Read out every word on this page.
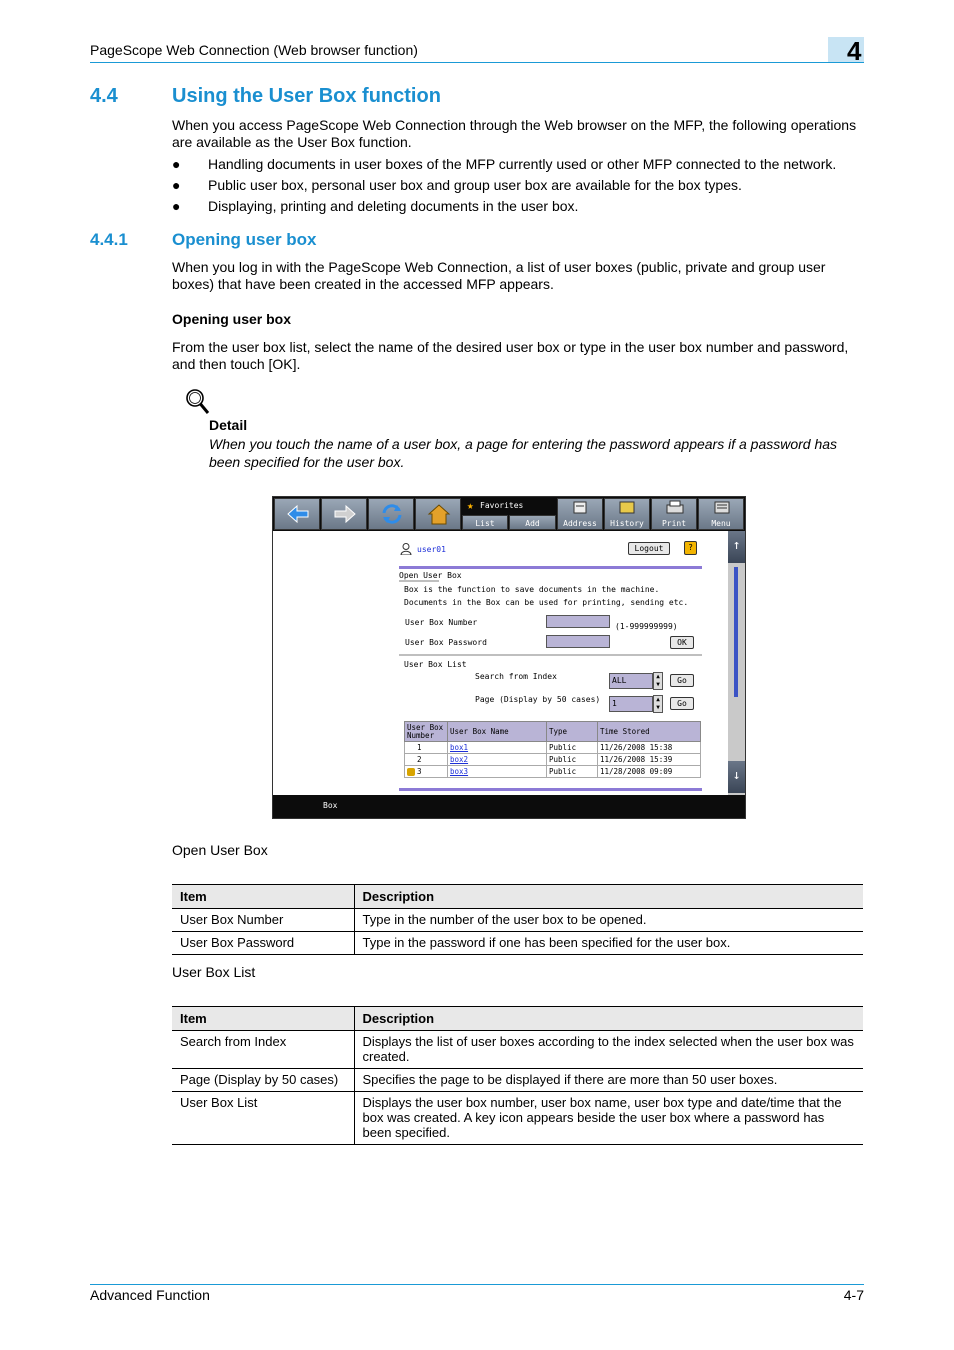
PageScope Web Connection (Web browser function)	4
4.4	Using the User Box function

When you access PageScope Web Connection through the Web browser on the MFP, the following operations are available as the User Box function.

● Handling documents in user boxes of the MFP currently used or other MFP connected to the network.
● Public user box, personal user box and group user box are available for the box types.
● Displaying, printing and deleting documents in the user box.
4.4.1	Opening user box

When you log in with the PageScope Web Connection, a list of user boxes (public, private and group user boxes) that have been created in the accessed MFP appears.

Opening user box

From the user box list, select the name of the desired user box or type in the user box number and password, and then touch [OK].

Detail

When you touch the name of a user box, a page for entering the password appears if a password has been specified for the user box.

★ Favorites
List	Add	Address	History	Print	Menu
user01	Logout	?
Open User Box
Box is the function to save documents in the machine.
Documents in the Box can be used for printing, sending etc.
User Box Number	(1-999999999)
User Box Password	OK
User Box List
Search from Index	ALL	▲
▼	Go
Page (Display by 50 cases)	1	▲
▼	Go
User Box Number	User Box Name	Type	Time Stored
1	box1	Public	11/26/2008 15:38
2	box2	Public	11/26/2008 15:39
3	box3	Public	11/28/2008 09:09
↑
↓
Box
Open User Box
Item	Description
User Box Number	Type in the number of the user box to be opened.
User Box Password	Type in the password if one has been specified for the user box.
User Box List
Item	Description
Search from Index	Displays the list of user boxes according to the index selected when the user box was created.
Page (Display by 50 cases)	Specifies the page to be displayed if there are more than 50 user boxes.
User Box List	Displays the user box number, user box name, user box type and date/time that the box was created. A key icon appears beside the user box where a password has been specified.
Advanced Function	4-7
